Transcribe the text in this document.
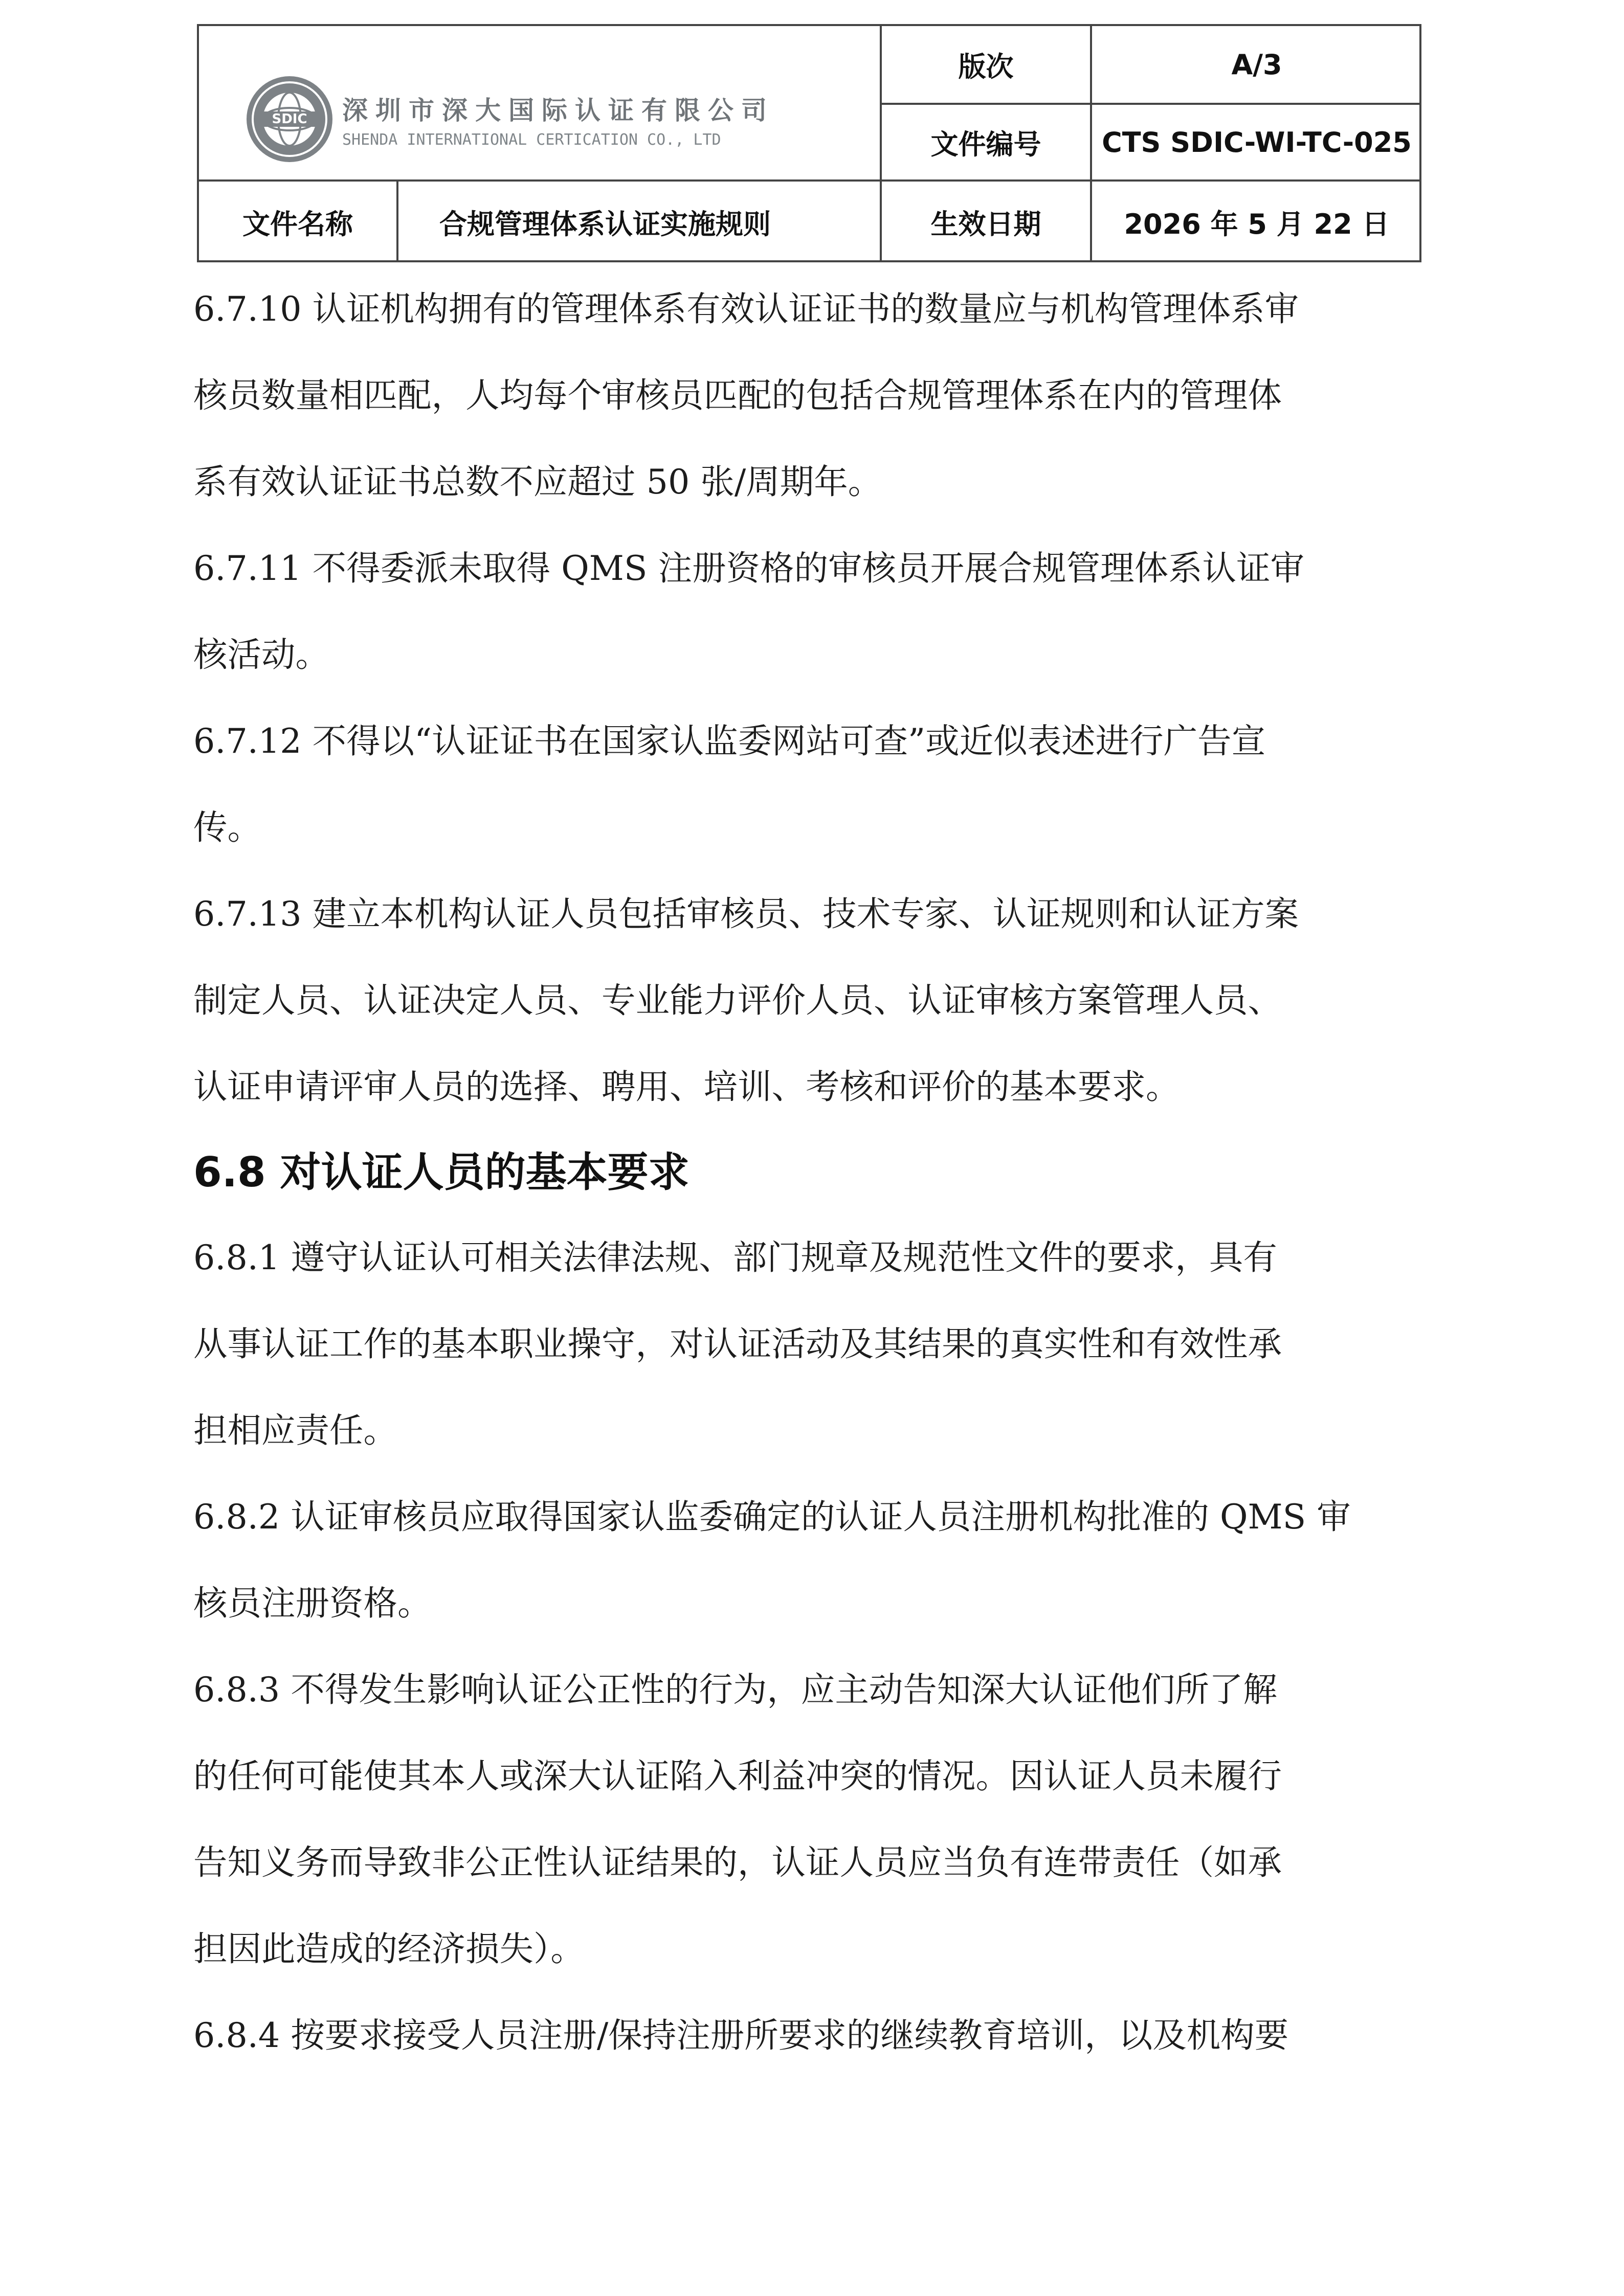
SDIC 深圳市深大国际认证有限公司
SHENDA INTERNATIONAL CERTICATION CO., LTD
版次	A/3
文件编号	CTS SDIC-WI-TC-025
文件名称	合规管理体系认证实施规则	生效日期	2026 年 5 月 22 日
6.7.10 认证机构拥有的管理体系有效认证证书的数量应与机构管理体系审
核员数量相匹配，人均每个审核员匹配的包括合规管理体系在内的管理体
系有效认证证书总数不应超过 50 张/周期年。
6.7.11 不得委派未取得 QMS 注册资格的审核员开展合规管理体系认证审
核活动。
6.7.12 不得以“认证证书在国家认监委网站可查”或近似表述进行广告宣
传。
6.7.13 建立本机构认证人员包括审核员、技术专家、认证规则和认证方案
制定人员、认证决定人员、专业能力评价人员、认证审核方案管理人员、
认证申请评审人员的选择、聘用、培训、考核和评价的基本要求。
6.8 对认证人员的基本要求
6.8.1 遵守认证认可相关法律法规、部门规章及规范性文件的要求，具有
从事认证工作的基本职业操守，对认证活动及其结果的真实性和有效性承
担相应责任。
6.8.2 认证审核员应取得国家认监委确定的认证人员注册机构批准的 QMS 审
核员注册资格。
6.8.3 不得发生影响认证公正性的行为，应主动告知深大认证他们所了解
的任何可能使其本人或深大认证陷入利益冲突的情况。因认证人员未履行
告知义务而导致非公正性认证结果的，认证人员应当负有连带责任（如承
担因此造成的经济损失）。
6.8.4 按要求接受人员注册/保持注册所要求的继续教育培训，以及机构要
